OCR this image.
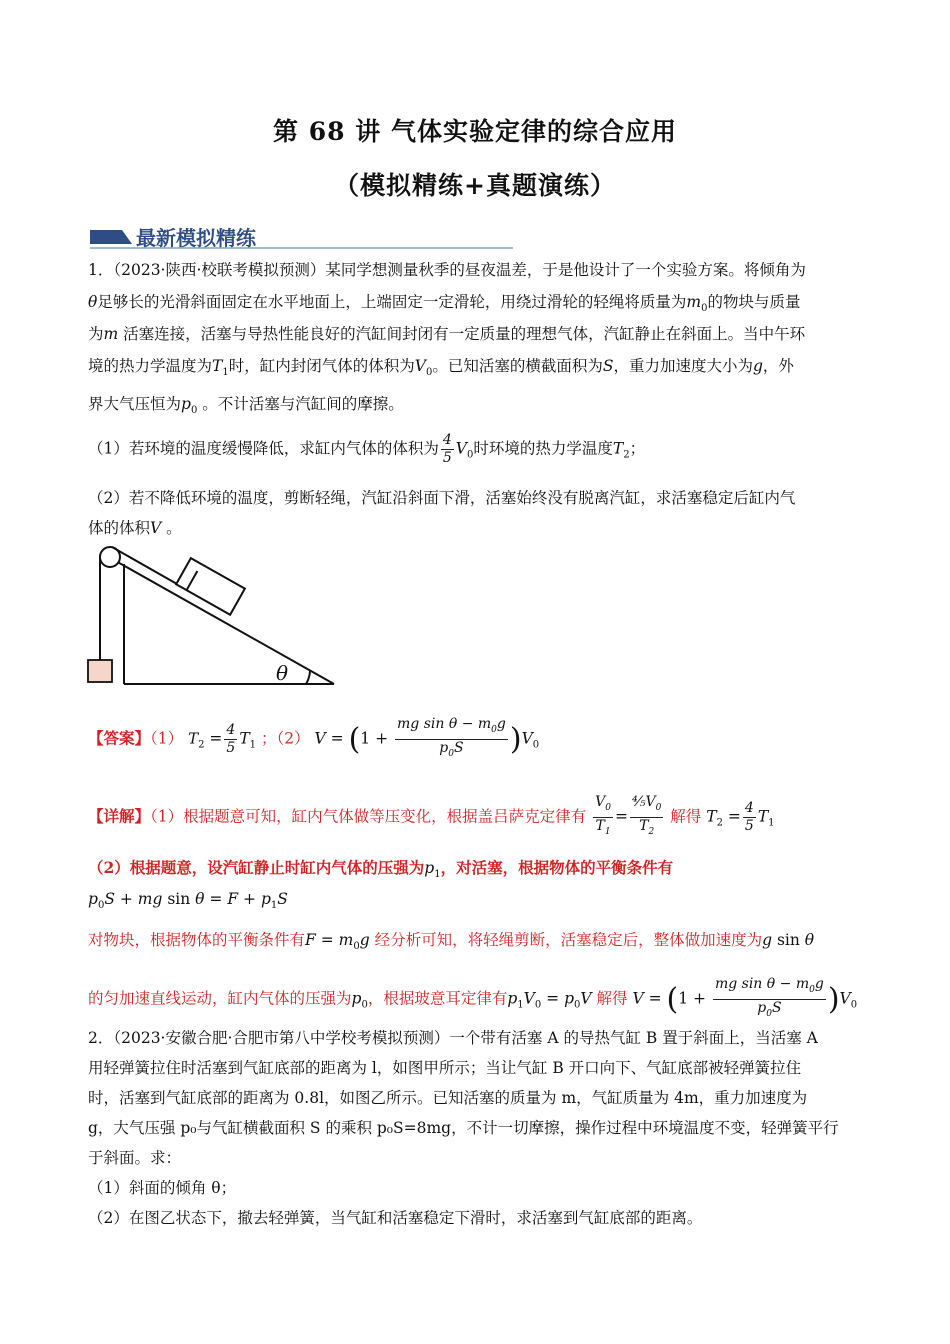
第 68 讲 气体实验定律的综合应用
（模拟精练+真题演练）
最新模拟精练
1．（2023·陕西·校联考模拟预测）某同学想测量秋季的昼夜温差，于是他设计了一个实验方案。将倾角为
θ足够长的光滑斜面固定在水平地面上，上端固定一定滑轮，用绕过滑轮的轻绳将质量为$m_0$的物块与质量
为m 活塞连接，活塞与导热性能良好的汽缸间封闭有一定质量的理想气体，汽缸静止在斜面上。当中午环
境的热力学温度为$T_1$时，缸内封闭气体的体积为$V_0$。已知活塞的横截面积为S，重力加速度大小为g，外
界大气压恒为$p_0$ 。不计活塞与汽缸间的摩擦。
（1）若环境的温度缓慢降低，求缸内气体的体积为 $\frac{4}{5} V_0$时环境的热力学温度$T_2$；
（2）若不降低环境的温度，剪断轻绳，汽缸沿斜面下滑，活塞始终没有脱离汽缸，求活塞稳定后缸内气
体的体积V 。
θ
【答案】（1） $T_2 = \frac{4}{5} T_1$ ；（2） $V = (1 + \frac{mg \sin \theta - m_0g}{p_0S} )V_0$
【详解】（1）根据题意可知，缸内气体做等压变化，根据盖吕萨克定律有 $\frac{V_0}{T_1} = \frac{^4⁄_5V_0}{T_2}$ 解得 $T_2 = \frac{4}{5} T_1$
（2）根据题意，设汽缸静止时缸内气体的压强为$p_1$，对活塞，根据物体的平衡条件有
$p_0S$ + mg $\sin \theta = F + p_1S$
对物块，根据物体的平衡条件有$F = m_0g$ 经分析可知，将轻绳剪断，活塞稳定后，整体做加速度为g sin θ
的匀加速直线运动，缸内气体的压强为$p_0$，根据玻意耳定律有$p_1V_0 = p_0V$ 解得 $V = (1 + \frac{mg \sin \theta - m_0g}{p_0S} )V_0$
2．（2023·安徽合肥·合肥市第八中学校考模拟预测）一个带有活塞 A 的导热气缸 B 置于斜面上，当活塞 A
用轻弹簧拉住时活塞到气缸底部的距离为 l，如图甲所示；当让气缸 B 开口向下、气缸底部被轻弹簧拉住
时，活塞到气缸底部的距离为 0.8l，如图乙所示。已知活塞的质量为 m，气缸质量为 4m，重力加速度为
g，大气压强 p₀与气缸横截面积 S 的乘积 p₀S=8mg，不计一切摩擦，操作过程中环境温度不变，轻弹簧平行
于斜面。求：
（1）斜面的倾角 θ；
（2）在图乙状态下，撤去轻弹簧，当气缸和活塞稳定下滑时，求活塞到气缸底部的距离。
